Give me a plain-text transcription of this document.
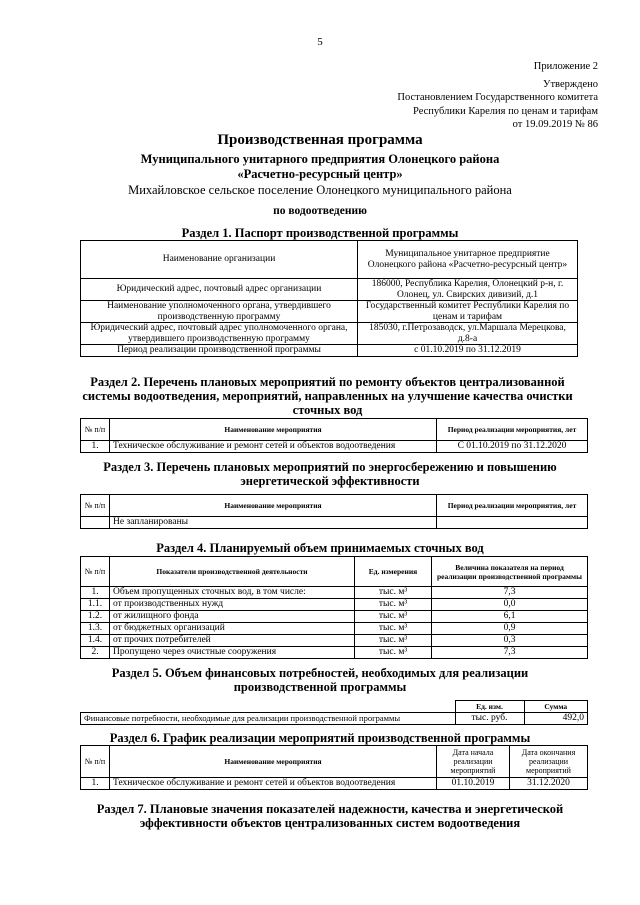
5
Приложение 2
Утверждено
Постановлением Государственного комитета
Республики Карелия по ценам и тарифам
от 19.09.2019 № 86
Производственная программа
Муниципального унитарного предприятия Олонецкого района
«Расчетно-ресурсный центр»
Михайловское сельское поселение Олонецкого муниципального района
по водоотведению
Раздел 1. Паспорт производственной программы
Наименование организации	Муниципальное унитарное предприятие Олонецкого района «Расчетно-ресурсный центр»
Юридический адрес, почтовый адрес организации	186000, Республика Карелия, Олонецкий р-н, г. Олонец, ул. Свирских дивизий, д.1
Наименование уполномоченного органа, утвердившего производственную программу	Государственный комитет Республики Карелия по ценам и тарифам
Юридический адрес, почтовый адрес уполномоченного органа, утвердившего производственную программу	185030, г.Петрозаводск, ул.Маршала Мерецкова, д.8-а
Период реализации производственной программы	с 01.10.2019 по 31.12.2019
Раздел 2. Перечень плановых мероприятий по ремонту объектов централизованной системы водоотведения, мероприятий, направленных на улучшение качества очистки сточных вод
№ п/п	Наименование мероприятия	Период реализации мероприятия, лет
1.	Техническое обслуживание и ремонт сетей и объектов водоотведения	С 01.10.2019 по 31.12.2020
Раздел 3. Перечень плановых мероприятий по энергосбережению и повышению энергетической эффективности
№ п/п	Наименование мероприятия	Период реализации мероприятия, лет
	Не запланированы	
Раздел 4. Планируемый объем принимаемых сточных вод
№ п/п	Показатели производственной деятельности	Ед. измерения	Величина показателя на период реализации производственной программы
1.	Объем пропущенных сточных вод, в том числе:	тыс. м³	7,3
1.1.	от производственных нужд	тыс. м³	0,0
1.2.	от жилищного фонда	тыс. м³	6,1
1.3.	от бюджетных организаций	тыс. м³	0,9
1.4.	от прочих потребителей	тыс. м³	0,3
2.	Пропущено через очистные сооружения	тыс. м³	7,3
Раздел 5. Объем финансовых потребностей, необходимых для реализации производственной программы
	Ед. изм.	Сумма
Финансовые потребности, необходимые для реализации производственной программы	тыс. руб.	492,0
Раздел 6. График реализации мероприятий производственной программы
№ п/п	Наименование мероприятия	Дата начала реализации мероприятий	Дата окончания реализации мероприятий
1.	Техническое обслуживание и ремонт сетей и объектов водоотведения	01.10.2019	31.12.2020
Раздел 7. Плановые значения показателей надежности, качества и энергетической эффективности объектов централизованных систем водоотведения
